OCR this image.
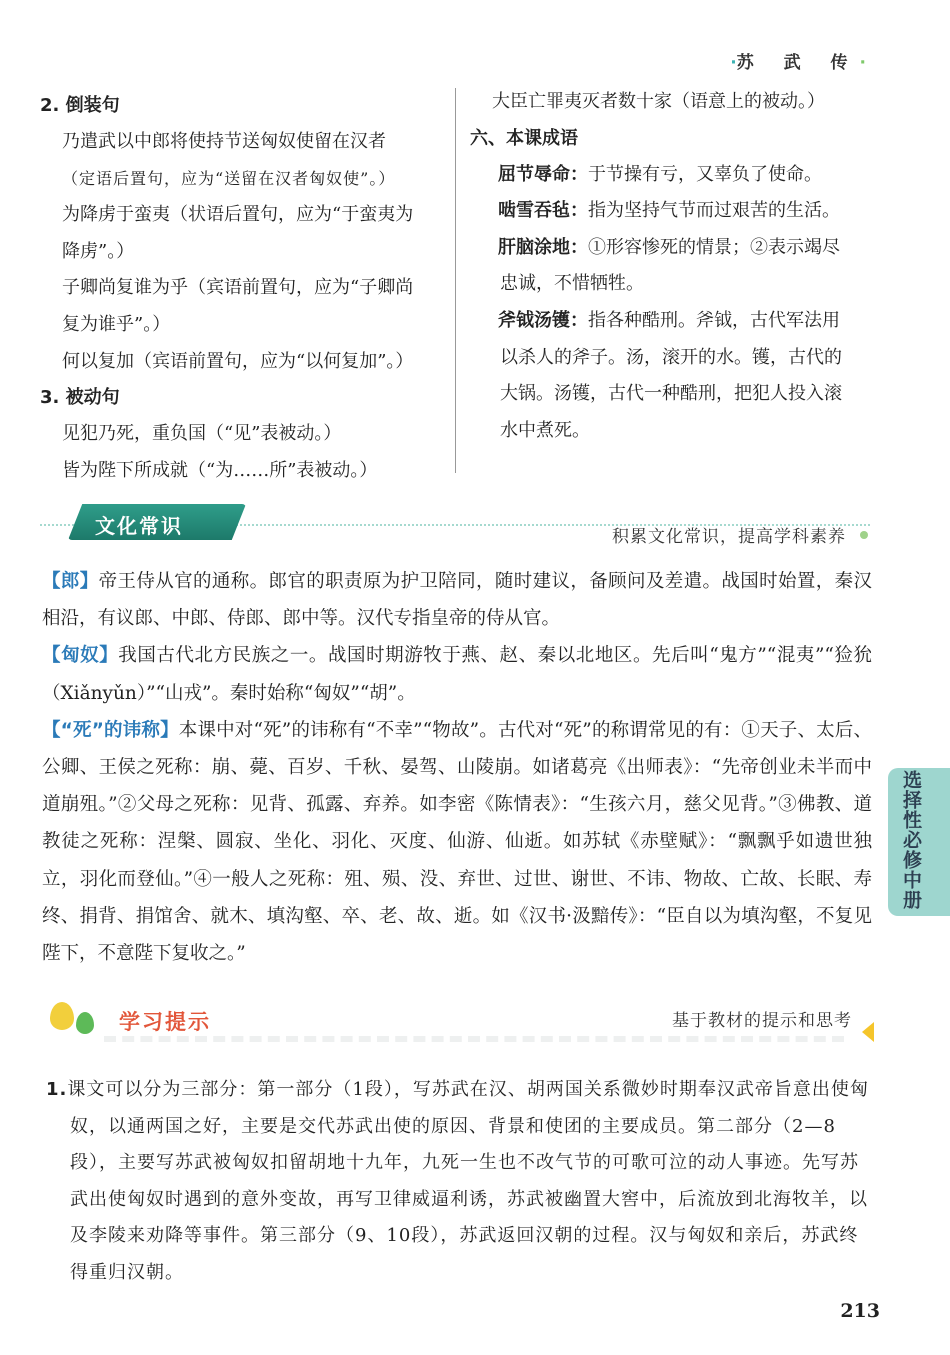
·苏 武 传·
2. 倒装句
乃遣武以中郎将使持节送匈奴使留在汉者
（定语后置句，应为“送留在汉者匈奴使”。）
为降虏于蛮夷（状语后置句，应为“于蛮夷为
降虏”。）
子卿尚复谁为乎（宾语前置句，应为“子卿尚
复为谁乎”。）
何以复加（宾语前置句，应为“以何复加”。）
3. 被动句
见犯乃死，重负国（“见”表被动。）
皆为陛下所成就（“为……所”表被动。）
大臣亡罪夷灭者数十家（语意上的被动。）
六、本课成语
屈节辱命：于节操有亏，又辜负了使命。
啮雪吞毡：指为坚持气节而过艰苦的生活。
肝脑涂地：①形容惨死的情景；②表示竭尽
忠诚，不惜牺牲。
斧钺汤镬：指各种酷刑。斧钺，古代军法用
以杀人的斧子。汤，滚开的水。镬，古代的
大锅。汤镬，古代一种酷刑，把犯人投入滚
水中煮死。
文化常识	积累文化常识，提高学科素养
【郎】帝王侍从官的通称。郎官的职责原为护卫陪同，随时建议，备顾问及差遣。战国时始置，秦汉相沿，有议郎、中郎、侍郎、郎中等。汉代专指皇帝的侍从官。
【匈奴】我国古代北方民族之一。战国时期游牧于燕、赵、秦以北地区。先后叫“鬼方”“混夷”“猃狁（Xiǎnyǔn）”“山戎”。秦时始称“匈奴”“胡”。
【“死”的讳称】本课中对“死”的讳称有“不幸”“物故”。古代对“死”的称谓常见的有：①天子、太后、公卿、王侯之死称：崩、薨、百岁、千秋、晏驾、山陵崩。如诸葛亮《出师表》：“先帝创业未半而中道崩殂。”②父母之死称：见背、孤露、弃养。如李密《陈情表》：“生孩六月，慈父见背。”③佛教、道教徒之死称：涅槃、圆寂、坐化、羽化、灭度、仙游、仙逝。如苏轼《赤壁赋》：“飘飘乎如遗世独立，羽化而登仙。”④一般人之死称：殂、殒、没、弃世、过世、谢世、不讳、物故、亡故、长眠、寿终、捐背、捐馆舍、就木、填沟壑、卒、老、故、逝。如《汉书·汲黯传》：“臣自以为填沟壑，不复见陛下，不意陛下复收之。”
选择性必修中册
学习提示	基于教材的提示和思考
1.课文可以分为三部分：第一部分（1段），写苏武在汉、胡两国关系微妙时期奉汉武帝旨意出使匈奴，以通两国之好，主要是交代苏武出使的原因、背景和使团的主要成员。第二部分（2—8段），主要写苏武被匈奴扣留胡地十九年，九死一生也不改气节的可歌可泣的动人事迹。先写苏武出使匈奴时遇到的意外变故，再写卫律威逼利诱，苏武被幽置大窖中，后流放到北海牧羊，以及李陵来劝降等事件。第三部分（9、10段），苏武返回汉朝的过程。汉与匈奴和亲后，苏武终得重归汉朝。
213
